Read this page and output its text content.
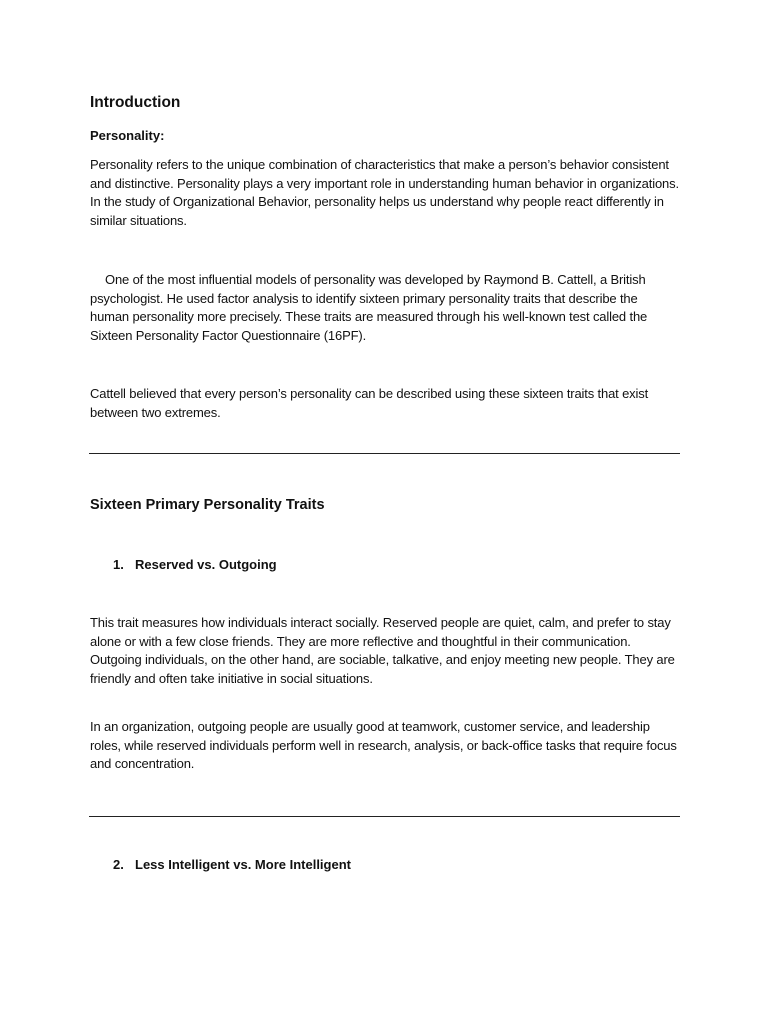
Introduction
Personality:

Personality refers to the unique combination of characteristics that make a person’s behavior consistent and distinctive. Personality plays a very important role in understanding human behavior in organizations. In the study of Organizational Behavior, personality helps us understand why people react differently in similar situations.

One of the most influential models of personality was developed by Raymond B. Cattell, a British psychologist. He used factor analysis to identify sixteen primary personality traits that describe the human personality more precisely. These traits are measured through his well-known test called the Sixteen Personality Factor Questionnaire (16PF).

Cattell believed that every person’s personality can be described using these sixteen traits that exist between two extremes.

Sixteen Primary Personality Traits
1. Reserved vs. Outgoing

This trait measures how individuals interact socially. Reserved people are quiet, calm, and prefer to stay alone or with a few close friends. They are more reflective and thoughtful in their communication. Outgoing individuals, on the other hand, are sociable, talkative, and enjoy meeting new people. They are friendly and often take initiative in social situations.

In an organization, outgoing people are usually good at teamwork, customer service, and leadership roles, while reserved individuals perform well in research, analysis, or back-office tasks that require focus and concentration.

2. Less Intelligent vs. More Intelligent
